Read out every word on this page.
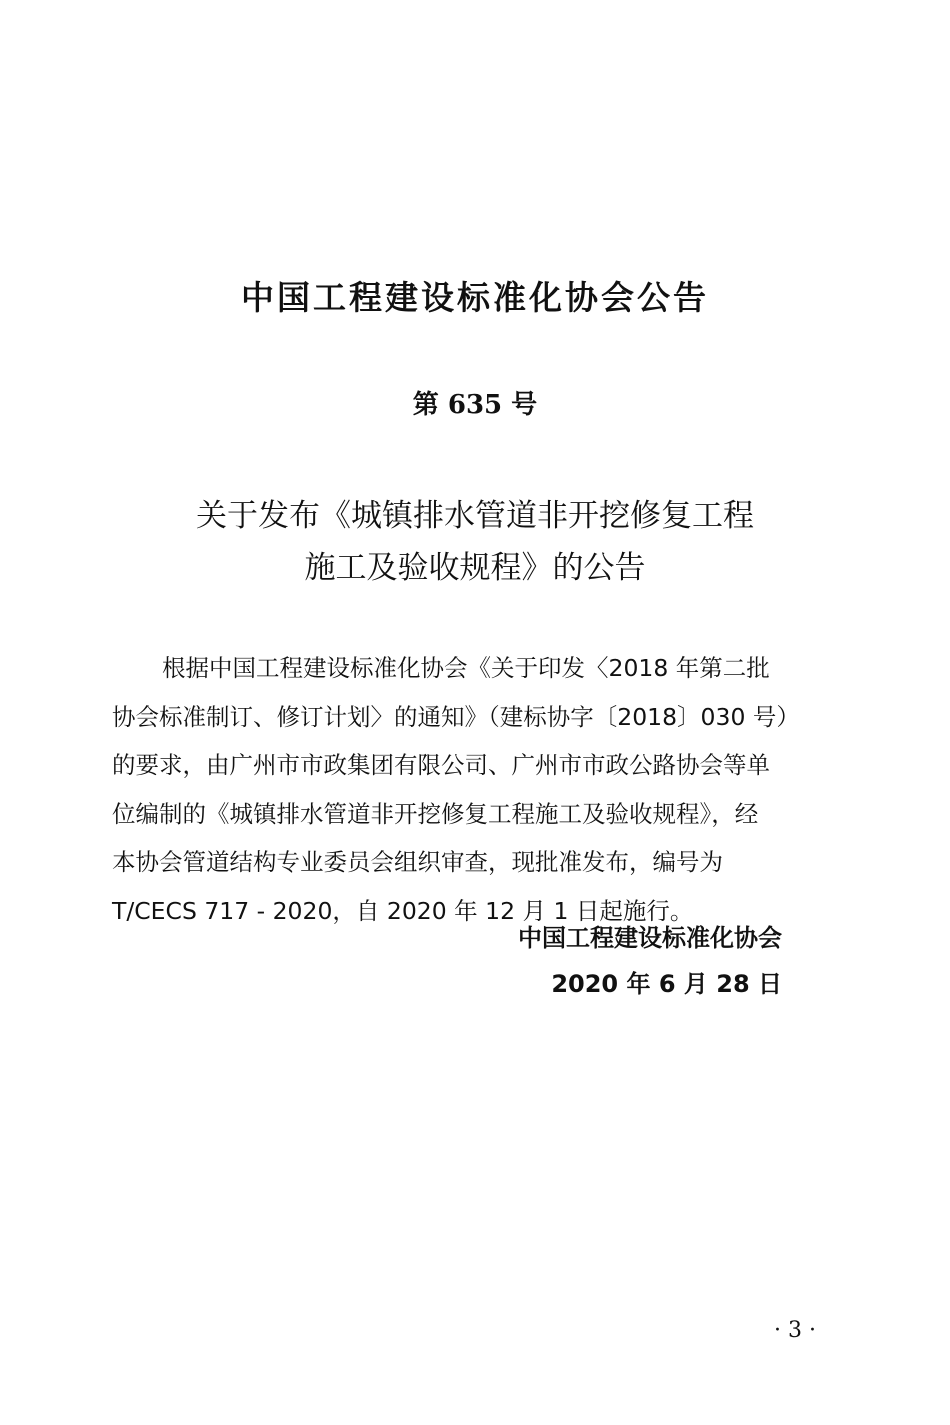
中国工程建设标准化协会公告
第 635 号
关于发布《城镇排水管道非开挖修复工程
施工及验收规程》的公告
根据中国工程建设标准化协会《关于印发〈2018 年第二批
协会标准制订、修订计划〉的通知》（建标协字〔2018〕030 号）
的要求，由广州市市政集团有限公司、广州市市政公路协会等单
位编制的《城镇排水管道非开挖修复工程施工及验收规程》，经
本协会管道结构专业委员会组织审查，现批准发布，编号为
T/CECS 717 - 2020，自 2020 年 12 月 1 日起施行。
中国工程建设标准化协会
2020 年 6 月 28 日
· 3 ·
